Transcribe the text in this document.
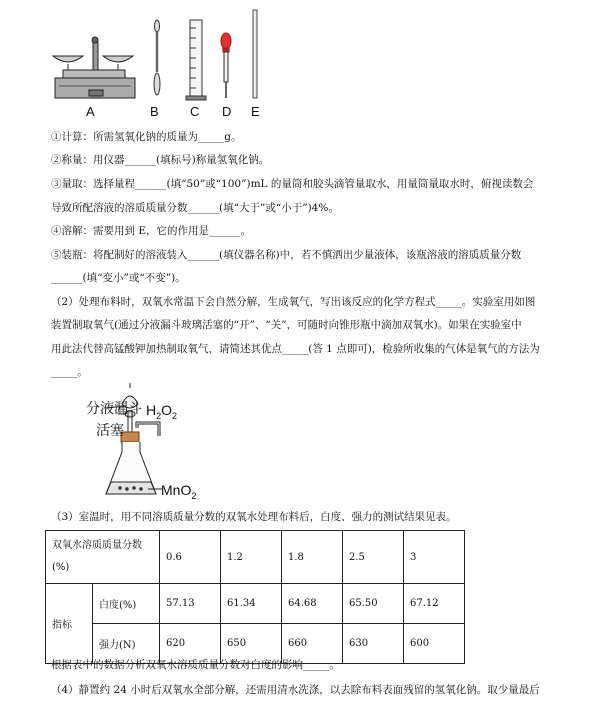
A	B C D E
①计算：所需氢氧化钠的质量为_____g。
②称量：用仪器______(填标号)称量氢氧化钠。
③量取：选择量程______(填“50”或“100”)mL 的量筒和胶头滴管量取水，用量筒量取水时，俯视读数会
导致所配溶液的溶质质量分数______(填“大于”或“小于”)4%。
④溶解：需要用到 E，它的作用是______。
⑤装瓶：将配制好的溶液装入______(填仪器名称)中，若不慎洒出少量液体，该瓶溶液的溶质质量分数
______(填“变小”或“不变”)。
（2）处理布料时，双氧水常温下会自然分解，生成氧气，写出该反应的化学方程式_____。实验室用如图
装置制取氧气(通过分液漏斗玻璃活塞的“开”、“关”，可随时向锥形瓶中滴加双氧水)。如果在实验室中
用此法代替高锰酸钾加热制取氧气，请简述其优点_____(答 1 点即可)，检验所收集的气体是氧气的方法为
_____。
分液漏斗
活塞
$H_2O_2$
MnO$_2$
（3）室温时，用不同溶质质量分数的双氧水处理布料后，白度、强力的测试结果见表。
双氧水溶质质量分数
(%)		0.6	1.2	1.8	2.5	3
指标	白度(%)	57.13	61.34	64.68	65.50	67.12
	强力(N)	620	650	660	630	600
根据表中的数据分析双氧水溶质质量分数对白度的影响_____。
（4）静置约 24 小时后双氧水全部分解，还需用清水洗涤，以去除布料表面残留的氢氧化钠。取少量最后
